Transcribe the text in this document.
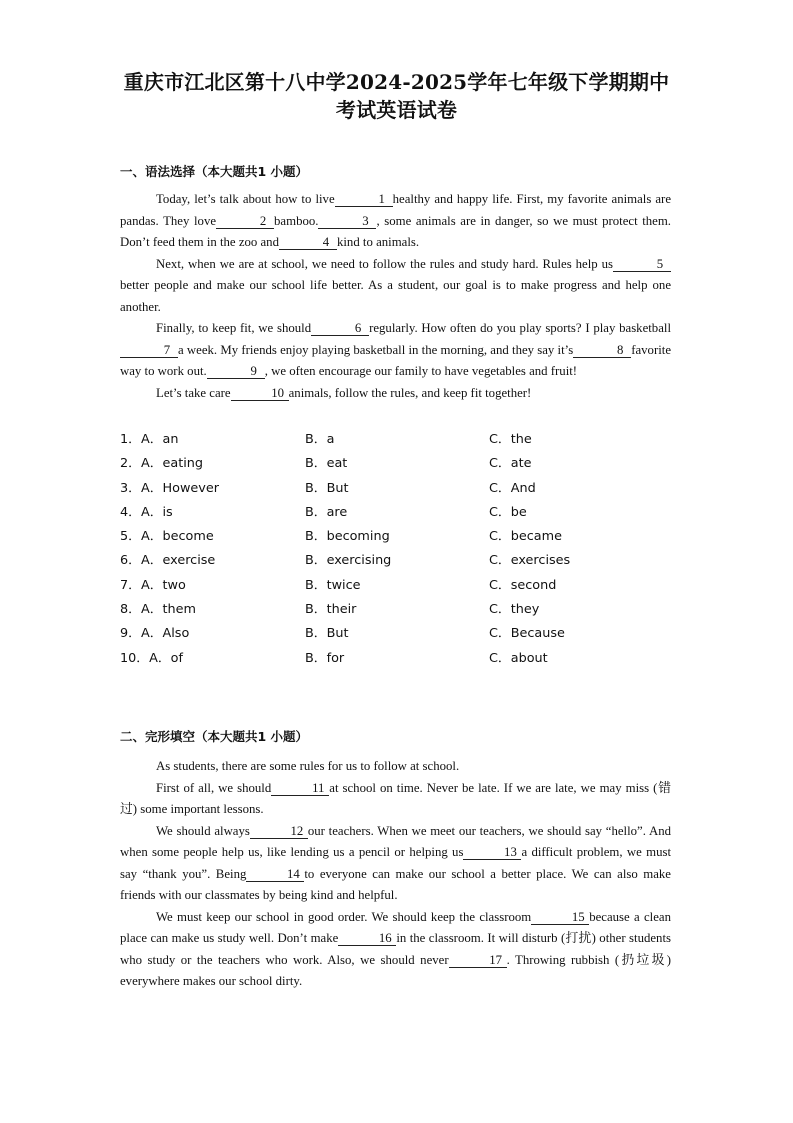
重庆市江北区第十八中学2024-2025学年七年级下学期期中
考试英语试卷
一、语法选择（本大题共1 小题）

Today, let’s talk about how to live	1 healthy and happy life. First, my favorite animals are pandas. They love	2 bamboo.	3 , some animals are in danger, so we must protect them. Don’t feed them in the zoo and	4 kind to animals.

Next, when we are at school, we need to follow the rules and study hard. Rules help us	5better people and make our school life better. As a student, our goal is to make progress and help one another.

Finally, to keep fit, we should	6 regularly. How often do you play sports? I play basketball7 a week. My friends enjoy playing basketball in the morning, and they say it’s	8 favorite way to work out.	9 , we often encourage our family to have vegetables and fruit!

Let’s take care	10 animals, follow the rules, and keep fit together!

1．A．an	B．a	C．the
2．A．eating	B．eat	C．ate
3．A．However	B．But	C．And
4．A．is	B．are	C．be
5．A．become	B．becoming	C．became
6．A．exercise	B．exercising	C．exercises
7．A．two	B．twice	C．second
8．A．them	B．their	C．they
9．A．Also	B．But	C．Because
10．A．of	B．for	C．about
二、完形填空（本大题共1 小题）

As students, there are some rules for us to follow at school.

First of all, we should	11 at school on time. Never be late. If we are late, we may miss (错过) some important lessons.

We should always	12 our teachers. When we meet our teachers, we should say “hello”. And when some people help us, like lending us a pencil or helping us	13 a difficult problem, we must say “thank you”. Being	14 to everyone can make our school a better place. We can also make friends with our classmates by being kind and helpful.

We must keep our school in good order. We should keep the classroom	15 because a clean place can make us study well. Don’t make	16 in the classroom. It will disturb (打扰) other students who study or the teachers who work. Also, we should never	17 . Throwing rubbish (扔垃圾) everywhere makes our school dirty.
